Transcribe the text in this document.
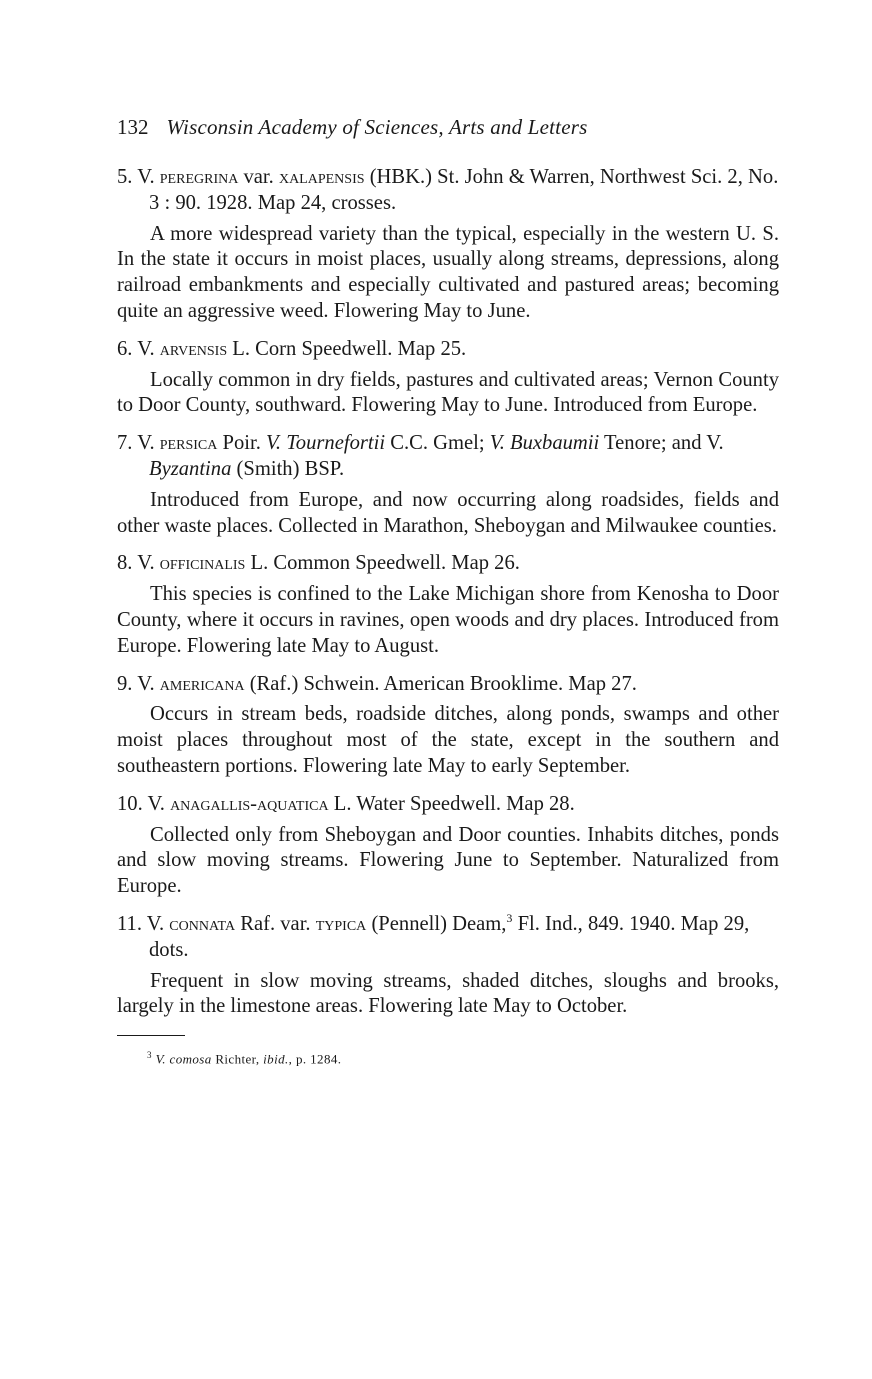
132 Wisconsin Academy of Sciences, Arts and Letters

5. V. peregrina var. xalapensis (HBK.) St. John & Warren, Northwest Sci. 2, No. 3 : 90. 1928. Map 24, crosses.

A more widespread variety than the typical, especially in the western U. S. In the state it occurs in moist places, usually along streams, depressions, along railroad embankments and especially cultivated and pastured areas; becoming quite an aggressive weed. Flowering May to June.

6. V. arvensis L. Corn Speedwell. Map 25.

Locally common in dry fields, pastures and cultivated areas; Vernon County to Door County, southward. Flowering May to June. Introduced from Europe.

7. V. persica Poir. V. Tournefortii C.C. Gmel; V. Buxbaumii Tenore; and V. Byzantina (Smith) BSP.

Introduced from Europe, and now occurring along roadsides, fields and other waste places. Collected in Marathon, Sheboygan and Milwaukee counties.

8. V. officinalis L. Common Speedwell. Map 26.

This species is confined to the Lake Michigan shore from Kenosha to Door County, where it occurs in ravines, open woods and dry places. Introduced from Europe. Flowering late May to August.

9. V. americana (Raf.) Schwein. American Brooklime. Map 27.

Occurs in stream beds, roadside ditches, along ponds, swamps and other moist places throughout most of the state, except in the southern and southeastern portions. Flowering late May to early September.

10. V. anagallis-aquatica L. Water Speedwell. Map 28.

Collected only from Sheboygan and Door counties. Inhabits ditches, ponds and slow moving streams. Flowering June to September. Naturalized from Europe.

11. V. connata Raf. var. typica (Pennell) Deam,$^3$ Fl. Ind., 849. 1940. Map 29, dots.

Frequent in slow moving streams, shaded ditches, sloughs and brooks, largely in the limestone areas. Flowering late May to October.

$^3$ V. comosa Richter, ibid., p. 1284.
